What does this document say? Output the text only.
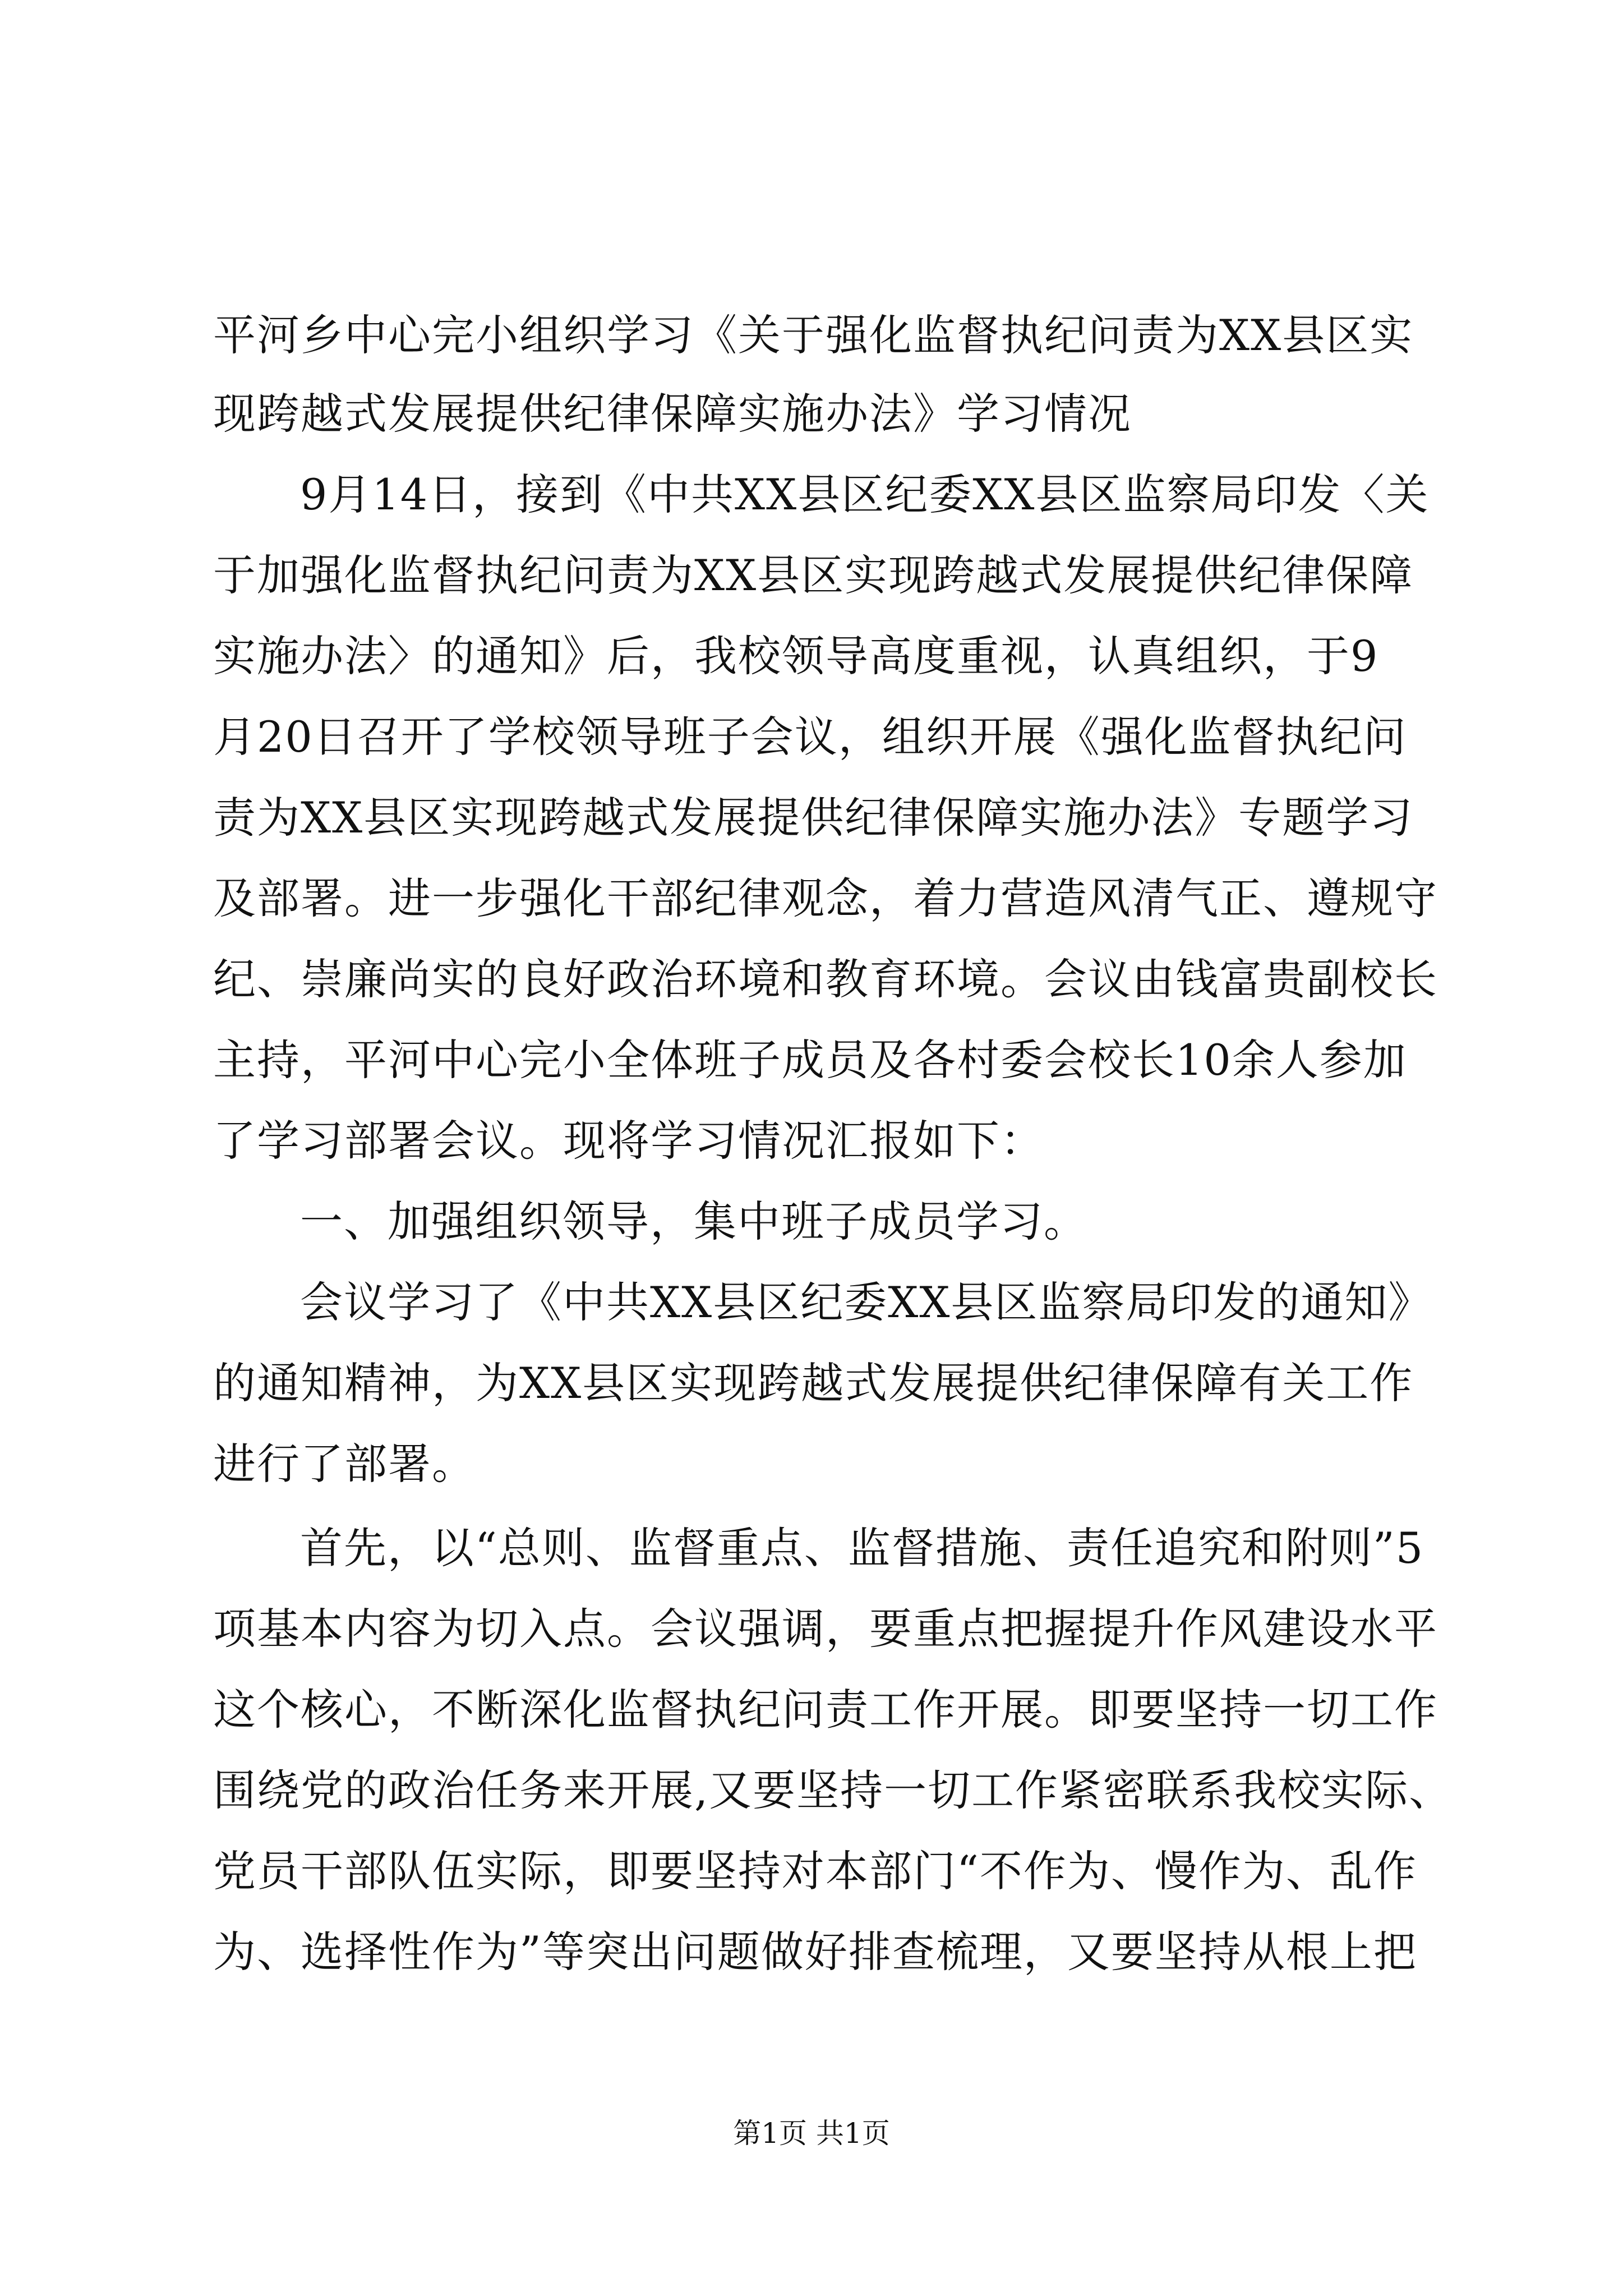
平河乡中心完小组织学习《关于强化监督执纪问责为XX县区实
现跨越式发展提供纪律保障实施办法》学习情况
9月14日，接到《中共XX县区纪委XX县区监察局印发〈关
于加强化监督执纪问责为XX县区实现跨越式发展提供纪律保障
实施办法〉的通知》后，我校领导高度重视，认真组织，于9
月20日召开了学校领导班子会议，组织开展《强化监督执纪问
责为XX县区实现跨越式发展提供纪律保障实施办法》专题学习
及部署。进一步强化干部纪律观念，着力营造风清气正、遵规守
纪、崇廉尚实的良好政治环境和教育环境。会议由钱富贵副校长
主持，平河中心完小全体班子成员及各村委会校长10余人参加
了学习部署会议。现将学习情况汇报如下：
一、加强组织领导，集中班子成员学习。
会议学习了《中共XX县区纪委XX县区监察局印发的通知》
的通知精神，为XX县区实现跨越式发展提供纪律保障有关工作
进行了部署。
首先，以“总则、监督重点、监督措施、责任追究和附则”5
项基本内容为切入点。会议强调，要重点把握提升作风建设水平
这个核心，不断深化监督执纪问责工作开展。即要坚持一切工作
围绕党的政治任务来开展,又要坚持一切工作紧密联系我校实际、
党员干部队伍实际，即要坚持对本部门“不作为、慢作为、乱作
为、选择性作为”等突出问题做好排查梳理，又要坚持从根上把
第1页 共1页
